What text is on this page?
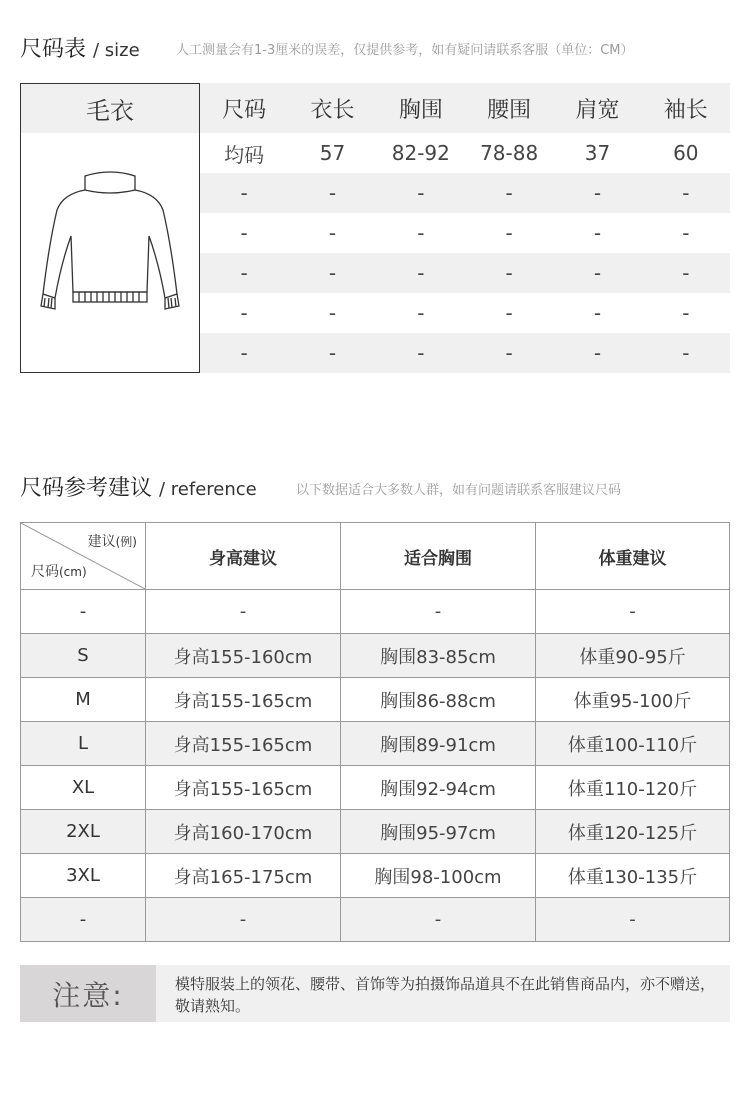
尺码表 / size	人工测量会有1-3厘米的误差，仅提供参考，如有疑问请联系客服（单位：CM）
毛衣	尺码	衣长	胸围	腰围	肩宽	袖长
均码	57	82-92	78-88	37	60
-	-	-	-	-	-
-	-	-	-	-	-
-	-	-	-	-	-
-	-	-	-	-	-
-	-	-	-	-	-
尺码参考建议 / reference	以下数据适合大多数人群，如有问题请联系客服建议尺码
建议(例)
尺码(cm)	身高建议	适合胸围	体重建议
-	-	-	-
S	身高155-160cm	胸围83-85cm	体重90-95斤
M	身高155-165cm	胸围86-88cm	体重95-100斤
L	身高155-165cm	胸围89-91cm	体重100-110斤
XL	身高155-165cm	胸围92-94cm	体重110-120斤
2XL	身高160-170cm	胸围95-97cm	体重120-125斤
3XL	身高165-175cm	胸围98-100cm	体重130-135斤
-	-	-	-
注意:	模特服装上的领花、腰带、首饰等为拍摄饰品道具不在此销售商品内，亦不赠送，敬请熟知。
